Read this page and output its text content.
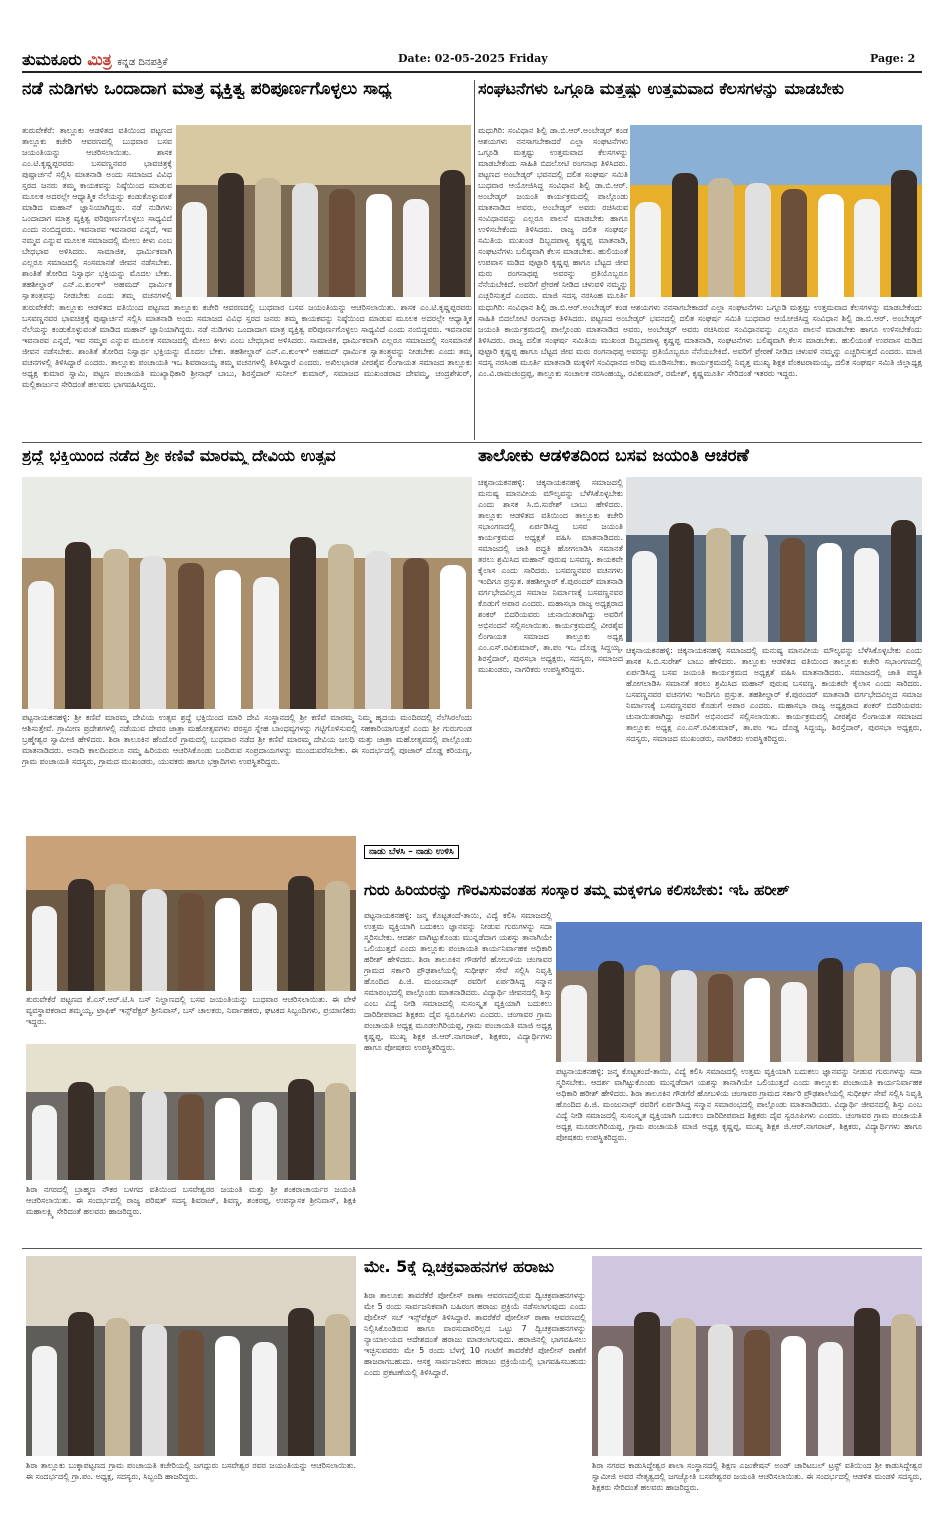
ತುಮಕೂರು ಮಿತ್ರ ಕನ್ನಡ ದಿನಪತ್ರಿಕೆ	Date: 02-05-2025 Friday	Page: 2
ನಡೆ ನುಡಿಗಳು ಒಂದಾದಾಗ ಮಾತ್ರ ವ್ಯಕ್ತಿತ್ವ ಪರಿಪೂರ್ಣಗೊಳ್ಳಲು ಸಾಧ್ಯ
ತುರುವೇಕೆರೆ: ತಾಲ್ಲೂಕು ಆಡಳಿತದ ವತಿಯಿಂದ ಪಟ್ಟಣದ ತಾಲ್ಲೂಕು ಕಚೇರಿ ಆವರಣದಲ್ಲಿ ಬುಧವಾರ ಬಸವ ಜಯಂತಿಯನ್ನು ಆಚರಿಸಲಾಯಿತು. ಶಾಸಕ ಎಂ.ಟಿ.ಕೃಷ್ಣಪ್ಪರವರು ಬಸವಣ್ಣನವರ ಭಾವಚಿತ್ರಕ್ಕೆ ಪುಷ್ಪಾರ್ಚನೆ ಸಲ್ಲಿಸಿ ಮಾತನಾಡಿ ಅಂದು ಸಮಾಜದ ವಿವಿಧ ಸ್ತರದ ಜನರು ತಮ್ಮ ಕಾಯಕವನ್ನು ನಿಷ್ಠೆಯಿಂದ ಮಾಡುವ ಮೂಲಕ ಅದರಲ್ಲೇ ಆಧ್ಯಾತ್ಮಿಕ ನೆಲೆಯನ್ನು ಕಂಡುಕೊಳ್ಳುವಂತೆ ಮಾಡಿದ ಮಹಾನ್ ಜ್ಞಾನಿಯಾಗಿದ್ದರು. ನಡೆ ನುಡಿಗಳು ಒಂದಾದಾಗ ಮಾತ್ರ ವ್ಯಕ್ತಿತ್ವ ಪರಿಪೂರ್ಣಗೊಳ್ಳಲು ಸಾಧ್ಯವಿದೆ ಎಂದು ನಂಬಿದ್ದವರು. ಇವನಾರವ ಇವನಾರವ ಎನ್ನದೆ, ಇವ ನಮ್ಮವ ಎನ್ನುವ ಮೂಲಕ ಸಮಾಜದಲ್ಲಿ ಮೇಲು ಕೀಳು ಎಂಬ ಬೇಧಭಾವ ಅಳಿಸಿದರು. ಸಾಮಾಜಿಕ, ಧಾರ್ಮಿಕವಾಗಿ ಎಲ್ಲರೂ ಸಮಾಜದಲ್ಲಿ ಸಂಸಮಾನತೆ ಜೀವನ ನಡೆಸಬೇಕು. ಶಾಂತಿತೆ ತೋರಿದ ನಿಸ್ವಾರ್ಥ ಭಕ್ತಿಯನ್ನು ಮೊದಲ ಬೇಕು. ತಹಶೀಲ್ದಾರ್ ಎನ್.ಎ.ಕುಂಞಿ ಅಹಮದ್ ಧಾರ್ಮಿಕ ಸ್ವಾತಂತ್ರ್ಯವನ್ನು ನೀಡಬೇಕು ಎಂದು ತಮ್ಮ ವಚನಗಳಲ್ಲಿ
ತುರುವೇಕೆರೆ: ತಾಲ್ಲೂಕು ಆಡಳಿತದ ವತಿಯಿಂದ ಪಟ್ಟಣದ ತಾಲ್ಲೂಕು ಕಚೇರಿ ಆವರಣದಲ್ಲಿ ಬುಧವಾರ ಬಸವ ಜಯಂತಿಯನ್ನು ಆಚರಿಸಲಾಯಿತು. ಶಾಸಕ ಎಂ.ಟಿ.ಕೃಷ್ಣಪ್ಪರವರು ಬಸವಣ್ಣನವರ ಭಾವಚಿತ್ರಕ್ಕೆ ಪುಷ್ಪಾರ್ಚನೆ ಸಲ್ಲಿಸಿ ಮಾತನಾಡಿ ಅಂದು ಸಮಾಜದ ವಿವಿಧ ಸ್ತರದ ಜನರು ತಮ್ಮ ಕಾಯಕವನ್ನು ನಿಷ್ಠೆಯಿಂದ ಮಾಡುವ ಮೂಲಕ ಅದರಲ್ಲೇ ಆಧ್ಯಾತ್ಮಿಕ ನೆಲೆಯನ್ನು ಕಂಡುಕೊಳ್ಳುವಂತೆ ಮಾಡಿದ ಮಹಾನ್ ಜ್ಞಾನಿಯಾಗಿದ್ದರು. ನಡೆ ನುಡಿಗಳು ಒಂದಾದಾಗ ಮಾತ್ರ ವ್ಯಕ್ತಿತ್ವ ಪರಿಪೂರ್ಣಗೊಳ್ಳಲು ಸಾಧ್ಯವಿದೆ ಎಂದು ನಂಬಿದ್ದವರು. ಇವನಾರವ ಇವನಾರವ ಎನ್ನದೆ, ಇವ ನಮ್ಮವ ಎನ್ನುವ ಮೂಲಕ ಸಮಾಜದಲ್ಲಿ ಮೇಲು ಕೀಳು ಎಂಬ ಬೇಧಭಾವ ಅಳಿಸಿದರು. ಸಾಮಾಜಿಕ, ಧಾರ್ಮಿಕವಾಗಿ ಎಲ್ಲರೂ ಸಮಾಜದಲ್ಲಿ ಸಂಸಮಾನತೆ ಜೀವನ ನಡೆಸಬೇಕು. ಶಾಂತಿತೆ ತೋರಿದ ನಿಸ್ವಾರ್ಥ ಭಕ್ತಿಯನ್ನು ಮೊದಲ ಬೇಕು. ತಹಶೀಲ್ದಾರ್ ಎನ್.ಎ.ಕುಂಞಿ ಅಹಮದ್ ಧಾರ್ಮಿಕ ಸ್ವಾತಂತ್ರ್ಯವನ್ನು ನೀಡಬೇಕು ಎಂದು ತಮ್ಮ ವಚನಗಳಲ್ಲಿ ತಿಳಿಸಿದ್ದಾರೆ ಎಂದರು. ತಾಲ್ಲೂಕು ಪಂಚಾಯತಿ ಇಒ ಶಿವರಾಜಯ್ಯ ತಮ್ಮ ವಚನಗಳಲ್ಲಿ ತಿಳಿಸಿದ್ದಾರೆ ಎಂದರು. ಅಖಿಲಭಾರತ ವೀರಶೈವ ಲಿಂಗಾಯತ ಸಮಾಜದ ತಾಲ್ಲೂಕು ಅಧ್ಯಕ್ಷ ಕುಮಾರ ಸ್ವಾಮಿ, ಪಟ್ಟಣ ಪಂಚಾಯತಿ ಮುಖ್ಯಾಧಿಕಾರಿ ಶ್ರೀನಾಥ್ ಬಾಬು, ಶಿರಸ್ತೆದಾರ್ ಸುನೀಲ್ ಕುಮಾರ್, ಸಮಾಜದ ಮುಖಂಡರಾದ ದೇವಮ್ಮ, ಚಂದ್ರಶೇಖರ್, ಮಲ್ಲಿಕಾರ್ಜುನ ಸೇರಿದಂತೆ ಹಲವರು ಭಾಗವಹಿಸಿದ್ದರು.
ಸಂಘಟನೆಗಳು ಒಗ್ಗೂಡಿ ಮತ್ತಷ್ಟು ಉತ್ತಮವಾದ ಕೆಲಸಗಳನ್ನು ಮಾಡಬೇಕು
ಮಧುಗಿರಿ: ಸಂವಿಧಾನ ಶಿಲ್ಪಿ ಡಾ.ಬಿ.ಆರ್.ಅಂಬೇಡ್ಕರ್ ಕಂಡ ಆಶಯಗಳು ನನಸಾಗಬೇಕಾದರೆ ಎಲ್ಲಾ ಸಂಘಟನೆಗಳು ಒಗ್ಗೂಡಿ ಮತ್ತಷ್ಟು ಉತ್ತಮವಾದ ಕೆಲಸಗಳನ್ನು ಮಾಡಬೇಕೆಂದು ಸಾಹಿತಿ ಬಿದಲೋಟಿ ರಂಗನಾಥ ತಿಳಿಸಿದರು. ಪಟ್ಟಣದ ಅಂಬೇಡ್ಕರ್ ಭವನದಲ್ಲಿ ದಲಿತ ಸಂಘರ್ಷ ಸಮಿತಿ ಬುಧವಾರ ಆಯೋಜಿಸಿದ್ದ ಸಂವಿಧಾನ ಶಿಲ್ಪಿ ಡಾ.ಬಿ.ಆರ್. ಅಂಬೇಡ್ಕರ್ ಜಯಂತಿ ಕಾರ್ಯಕ್ರಮದಲ್ಲಿ ಪಾಲ್ಗೊಂಡು ಮಾತನಾಡಿದ ಅವರು, ಅಂಬೇಡ್ಕರ್ ಅವರು ರಚಿಸಿರುವ ಸಂವಿಧಾನವನ್ನು ಎಲ್ಲರೂ ಪಾಲನೆ ಮಾಡಬೇಕು ಹಾಗೂ ಉಳಿಸಬೇಕೆಂದು ತಿಳಿಸಿದರು. ರಾಜ್ಯ ದಲಿತ ಸಂಘರ್ಷ ಸಮಿತಿಯ ಮುಖಂಡ ದಿಬ್ಬದಪಾಳ್ಯ ಕೃಷ್ಣಪ್ಪ ಮಾತನಾಡಿ, ಸಂಘಟನೆಗಳು ಬಲಿಷ್ಠವಾಗಿ ಕೆಲಸ ಮಾಡಬೇಕು. ಹುಲಿಯಂತೆ ಉಪವಾಸ ಮಡಿದ ಪುಟ್ಟಾರಿ ಕೃಷ್ಣಪ್ಪ ಹಾಗೂ ಬೆಟ್ಟದ ಜೀವ ಮರು ರಂಗನಾಥಪ್ಪ ಅವರನ್ನು ಪ್ರತಿಯೊಬ್ಬರೂ ನೆನೆಯಬೇಕಿದೆ. ಅವರಿಗೆ ಪ್ರೇರಣೆ ನೀಡಿದ ಚಳುವಳಿ ನಮ್ಮನ್ನು ಎಚ್ಚರಿಸುತ್ತದೆ ಎಂದರು. ಮಾಜಿ ಸದಸ್ಯ ನರಸಿಂಹ ಮೂರ್ತಿ
ಮಧುಗಿರಿ: ಸಂವಿಧಾನ ಶಿಲ್ಪಿ ಡಾ.ಬಿ.ಆರ್.ಅಂಬೇಡ್ಕರ್ ಕಂಡ ಆಶಯಗಳು ನನಸಾಗಬೇಕಾದರೆ ಎಲ್ಲಾ ಸಂಘಟನೆಗಳು ಒಗ್ಗೂಡಿ ಮತ್ತಷ್ಟು ಉತ್ತಮವಾದ ಕೆಲಸಗಳನ್ನು ಮಾಡಬೇಕೆಂದು ಸಾಹಿತಿ ಬಿದಲೋಟಿ ರಂಗನಾಥ ತಿಳಿಸಿದರು. ಪಟ್ಟಣದ ಅಂಬೇಡ್ಕರ್ ಭವನದಲ್ಲಿ ದಲಿತ ಸಂಘರ್ಷ ಸಮಿತಿ ಬುಧವಾರ ಆಯೋಜಿಸಿದ್ದ ಸಂವಿಧಾನ ಶಿಲ್ಪಿ ಡಾ.ಬಿ.ಆರ್. ಅಂಬೇಡ್ಕರ್ ಜಯಂತಿ ಕಾರ್ಯಕ್ರಮದಲ್ಲಿ ಪಾಲ್ಗೊಂಡು ಮಾತನಾಡಿದ ಅವರು, ಅಂಬೇಡ್ಕರ್ ಅವರು ರಚಿಸಿರುವ ಸಂವಿಧಾನವನ್ನು ಎಲ್ಲರೂ ಪಾಲನೆ ಮಾಡಬೇಕು ಹಾಗೂ ಉಳಿಸಬೇಕೆಂದು ತಿಳಿಸಿದರು. ರಾಜ್ಯ ದಲಿತ ಸಂಘರ್ಷ ಸಮಿತಿಯ ಮುಖಂಡ ದಿಬ್ಬದಪಾಳ್ಯ ಕೃಷ್ಣಪ್ಪ ಮಾತನಾಡಿ, ಸಂಘಟನೆಗಳು ಬಲಿಷ್ಠವಾಗಿ ಕೆಲಸ ಮಾಡಬೇಕು. ಹುಲಿಯಂತೆ ಉಪವಾಸ ಮಡಿದ ಪುಟ್ಟಾರಿ ಕೃಷ್ಣಪ್ಪ ಹಾಗೂ ಬೆಟ್ಟದ ಜೀವ ಮರು ರಂಗನಾಥಪ್ಪ ಅವರನ್ನು ಪ್ರತಿಯೊಬ್ಬರೂ ನೆನೆಯಬೇಕಿದೆ. ಅವರಿಗೆ ಪ್ರೇರಣೆ ನೀಡಿದ ಚಳುವಳಿ ನಮ್ಮನ್ನು ಎಚ್ಚರಿಸುತ್ತದೆ ಎಂದರು. ಮಾಜಿ ಸದಸ್ಯ ನರಸಿಂಹ ಮೂರ್ತಿ ಮಾತನಾಡಿ ಮಕ್ಕಳಿಗೆ ಸಂವಿಧಾನದ ಅರಿವು ಮೂಡಿಸಬೇಕು. ಕಾರ್ಯಕ್ರಮದಲ್ಲಿ ನಿವೃತ್ತ ಮುಖ್ಯ ಶಿಕ್ಷಕ ವೆಂಕಟರಾಮಯ್ಯ, ದಲಿತ ಸಂಘರ್ಷ ಸಮಿತಿ ಜಿಲ್ಲಾಧ್ಯಕ್ಷ ಎಂ.ವಿ.ರಾಮಚಂದ್ರಪ್ಪ, ತಾಲ್ಲೂಕು ಸಂಚಾಲಕ ನರಸಿಂಹಯ್ಯ, ರವಿಕುಮಾರ್, ರಮೇಶ್, ಕೃಷ್ಣಮೂರ್ತಿ ಸೇರಿದಂತೆ ಇತರರು ಇದ್ದರು.
ಶ್ರದ್ದೆ ಭಕ್ತಿಯಿಂದ ನಡೆದ ಶ್ರೀ ಕಣಿವೆ ಮಾರಮ್ಮ ದೇವಿಯ ಉತ್ಸವ
ಪಟ್ಟನಾಯಕನಹಳ್ಳಿ: ಶ್ರೀ ಕಣಿವೆ ಮಾರಮ್ಮ ದೇವಿಯ ಉತ್ಸವ ಶ್ರದ್ದೆ ಭಕ್ತಿಯಿಂದ ಮಾರಿ ದೇವಿ ಸಂಸ್ಥಾನದಲ್ಲಿ ಶ್ರೀ ಕಣಿವೆ ಮಾರಮ್ಮ ನಿಮ್ಮ ಹೃದಯ ಮಂದಿರದಲ್ಲಿ ನೆಲೆಸಿರಲೆಂದು ಆಶಿಸುತ್ತೇವೆ. ಗ್ರಾಮೀಣ ಪ್ರದೇಶಗಳಲ್ಲಿ ನಡೆಯುವ ದೇವರ ಜಾತ್ರಾ ಮಹೋತ್ಸವಗಳು ಪರಸ್ಪರ ಸ್ನೇಹ ಬಾಂಧವ್ಯಗಳನ್ನು ಗಟ್ಟಿಗೊಳಿಸುವಲ್ಲಿ ಸಹಕಾರಿಯಾಗುತ್ತವೆ ಎಂದು ಶ್ರೀ ಗುರುಗುಂಡ ಬ್ರಹ್ಮೇಶ್ವರ ಸ್ವಾಮೀಜಿ ಹೇಳಿದರು. ಶಿರಾ ತಾಲೂಕಿನ ಹೆಂದೊರೆ ಗ್ರಾಮದಲ್ಲಿ ಬುಧವಾರ ನಡೆದ ಶ್ರೀ ಕಣಿವೆ ಮಾರಮ್ಮ ದೇವಿಯ ಜಲಧಿ ಮತ್ತು ಜಾತ್ರಾ ಮಹೋತ್ಸವದಲ್ಲಿ ಪಾಲ್ಗೊಂಡು ಮಾತನಾಡಿದರು. ಅನಾದಿ ಕಾಲದಿಂದಲೂ ನಮ್ಮ ಹಿರಿಯರು ಆಚರಿಸಿಕೊಂಡು ಬಂದಿರುವ ಸಂಪ್ರದಾಯಗಳನ್ನು ಮುಂದುವರೆಸಬೇಕು. ಈ ಸಂದರ್ಭದಲ್ಲಿ ಪೂಜಾರ್ ದೊಡ್ಡ ಕರಿಯಣ್ಣ, ಗ್ರಾಮ ಪಂಚಾಯತಿ ಸದಸ್ಯರು, ಗ್ರಾಮದ ಮುಖಂಡರು, ಯುವಕರು ಹಾಗೂ ಭಕ್ತಾದಿಗಳು ಉಪಸ್ಥಿತರಿದ್ದರು.
ತಾಲೋಕು ಆಡಳಿತದಿಂದ ಬಸವ ಜಯಂತಿ ಆಚರಣೆ
ಚಿಕ್ಕನಾಯಕನಹಳ್ಳಿ: ಚಿಕ್ಕನಾಯಕನಹಳ್ಳಿ ಸಮಾಜದಲ್ಲಿ ಮನುಷ್ಯ ಮಾನವೀಯ ಮೌಲ್ಯವನ್ನು ಬೆಳೆಸಿಕೊಳ್ಳಬೇಕು ಎಂದು ಶಾಸಕ ಸಿ.ಬಿ.ಸುರೇಶ್ ಬಾಬು ಹೇಳಿದರು. ತಾಲ್ಲೂಕು ಆಡಳಿತದ ವತಿಯಿಂದ ತಾಲ್ಲೂಕು ಕಚೇರಿ ಸಭಾಂಗಣದಲ್ಲಿ ಏರ್ಪಡಿಸಿದ್ದ ಬಸವ ಜಯಂತಿ ಕಾರ್ಯಕ್ರಮದ ಅಧ್ಯಕ್ಷತೆ ವಹಿಸಿ ಮಾತನಾಡಿದರು. ಸಮಾಜದಲ್ಲಿ ಜಾತಿ ಪದ್ಧತಿ ಹೋಗಲಾಡಿಸಿ ಸಮಾನತೆ ತರಲು ಶ್ರಮಿಸಿದ ಮಹಾನ್ ಪುರುಷ ಬಸವಣ್ಣ. ಕಾಯಕವೇ ಕೈಲಾಸ ಎಂದು ಸಾರಿದರು. ಬಸವಣ್ಣನವರ ವಚನಗಳು ಇಂದಿಗೂ ಪ್ರಸ್ತುತ. ತಹಶೀಲ್ದಾರ್ ಕೆ.ಪುರಂದರ್ ಮಾತನಾಡಿ ವರ್ಗಭೇದವಿಲ್ಲದ ಸಮಾಜ ನಿರ್ಮಾಣಕ್ಕೆ ಬಸವಣ್ಣನವರ ಕೊಡುಗೆ ಅಪಾರ ಎಂದರು. ಮಹಾಸಭಾ ರಾಜ್ಯ ಅಧ್ಯಕ್ಷರಾದ ಶಂಕರ್ ಬಿದರಿಯವರು ಚುನಾಯಿತರಾಗಿದ್ದು ಅವರಿಗೆ ಅಭಿನಂದನೆ ಸಲ್ಲಿಸಲಾಯಿತು. ಕಾರ್ಯಕ್ರಮದಲ್ಲಿ ವೀರಶೈವ ಲಿಂಗಾಯತ ಸಮಾಜದ ತಾಲ್ಲೂಕು ಅಧ್ಯಕ್ಷ ಎಂ.ಎಸ್.ರವಿಕುಮಾರ್, ತಾ.ಪಂ ಇಒ ದೊಡ್ಡ ಸಿದ್ದಯ್ಯ, ಶಿರಸ್ತೆದಾರ್, ಪುರಸಭಾ ಅಧ್ಯಕ್ಷರು, ಸದಸ್ಯರು, ಸಮಾಜದ ಮುಖಂಡರು, ನಾಗರಿಕರು ಉಪಸ್ಥಿತರಿದ್ದರು.
ಚಿಕ್ಕನಾಯಕನಹಳ್ಳಿ: ಚಿಕ್ಕನಾಯಕನಹಳ್ಳಿ ಸಮಾಜದಲ್ಲಿ ಮನುಷ್ಯ ಮಾನವೀಯ ಮೌಲ್ಯವನ್ನು ಬೆಳೆಸಿಕೊಳ್ಳಬೇಕು ಎಂದು ಶಾಸಕ ಸಿ.ಬಿ.ಸುರೇಶ್ ಬಾಬು ಹೇಳಿದರು. ತಾಲ್ಲೂಕು ಆಡಳಿತದ ವತಿಯಿಂದ ತಾಲ್ಲೂಕು ಕಚೇರಿ ಸಭಾಂಗಣದಲ್ಲಿ ಏರ್ಪಡಿಸಿದ್ದ ಬಸವ ಜಯಂತಿ ಕಾರ್ಯಕ್ರಮದ ಅಧ್ಯಕ್ಷತೆ ವಹಿಸಿ ಮಾತನಾಡಿದರು. ಸಮಾಜದಲ್ಲಿ ಜಾತಿ ಪದ್ಧತಿ ಹೋಗಲಾಡಿಸಿ ಸಮಾನತೆ ತರಲು ಶ್ರಮಿಸಿದ ಮಹಾನ್ ಪುರುಷ ಬಸವಣ್ಣ. ಕಾಯಕವೇ ಕೈಲಾಸ ಎಂದು ಸಾರಿದರು. ಬಸವಣ್ಣನವರ ವಚನಗಳು ಇಂದಿಗೂ ಪ್ರಸ್ತುತ. ತಹಶೀಲ್ದಾರ್ ಕೆ.ಪುರಂದರ್ ಮಾತನಾಡಿ ವರ್ಗಭೇದವಿಲ್ಲದ ಸಮಾಜ ನಿರ್ಮಾಣಕ್ಕೆ ಬಸವಣ್ಣನವರ ಕೊಡುಗೆ ಅಪಾರ ಎಂದರು. ಮಹಾಸಭಾ ರಾಜ್ಯ ಅಧ್ಯಕ್ಷರಾದ ಶಂಕರ್ ಬಿದರಿಯವರು ಚುನಾಯಿತರಾಗಿದ್ದು ಅವರಿಗೆ ಅಭಿನಂದನೆ ಸಲ್ಲಿಸಲಾಯಿತು. ಕಾರ್ಯಕ್ರಮದಲ್ಲಿ ವೀರಶೈವ ಲಿಂಗಾಯತ ಸಮಾಜದ ತಾಲ್ಲೂಕು ಅಧ್ಯಕ್ಷ ಎಂ.ಎಸ್.ರವಿಕುಮಾರ್, ತಾ.ಪಂ ಇಒ ದೊಡ್ಡ ಸಿದ್ದಯ್ಯ, ಶಿರಸ್ತೆದಾರ್, ಪುರಸಭಾ ಅಧ್ಯಕ್ಷರು, ಸದಸ್ಯರು, ಸಮಾಜದ ಮುಖಂಡರು, ನಾಗರಿಕರು ಉಪಸ್ಥಿತರಿದ್ದರು.
ತುರುವೇಕೆರೆ ಪಟ್ಟಣದ ಕೆ.ಎಸ್.ಆರ್.ಟಿ.ಸಿ ಬಸ್ ನಿಲ್ದಾಣದಲ್ಲಿ ಬಸವ ಜಯಂತಿಯನ್ನು ಬುಧವಾರ ಆಚರಿಸಲಾಯಿತು. ಈ ವೇಳೆ ವ್ಯವಸ್ಥಾಪಕರಾದ ತಮ್ಮಯ್ಯ, ಟ್ರಾಫಿಕ್ ಇನ್ಸ್‌ಪೆಕ್ಟರ್ ಶ್ರೀನಿವಾಸ್, ಬಸ್ ಚಾಲಕರು, ನಿರ್ವಾಹಕರು, ಘಟಕದ ಸಿಬ್ಬಂದಿಗಳು, ಪ್ರಯಾಣಿಕರು ಇದ್ದರು.
ಶಿರಾ ನಗರದಲ್ಲಿ ಬ್ರಾಹ್ಮಣ ನೌಕರ ಬಳಗದ ವತಿಯಿಂದ ಬಸವೇಶ್ವರರ ಜಯಂತಿ ಮತ್ತು ಶ್ರೀ ಶಂಕರಾಚಾರ್ಯರ ಜಯಂತಿ ಆಚರಿಸಲಾಯಿತು. ಈ ಸಂದರ್ಭದಲ್ಲಿ ರಾಜ್ಯ ಪರಿಷತ್ ಸದಸ್ಯ ಶಿವರಾಜ್, ಶಿವಣ್ಣ, ಶಂಕರಪ್ಪ, ಉಪನ್ಯಾಸಕ ಶ್ರೀನಿವಾಸ್, ಶಿಕ್ಷಕಿ ಮಹಾಲಕ್ಷ್ಮಿ ಸೇರಿದಂತೆ ಹಲವರು ಹಾಜರಿದ್ದರು.
ನಾಡು ಬೆಳಸಿ – ನಾಡು ಉಳಿಸಿ
ಗುರು ಹಿರಿಯರನ್ನು ಗೌರವಿಸುವಂತಹ ಸಂಸ್ಕಾರ ತಮ್ಮ ಮಕ್ಕಳಿಗೂ ಕಲಿಸಬೇಕು: ಇಓ ಹರೀಶ್
ಪಟ್ಟನಾಯಕನಹಳ್ಳಿ: ಜನ್ಮ ಕೊಟ್ಟತಂದೆ-ತಾಯಿ, ವಿದ್ಯೆ ಕಲಿಸಿ ಸಮಾಜದಲ್ಲಿ ಉತ್ತಮ ವ್ಯಕ್ತಿಯಾಗಿ ಬದುಕಲು ಜ್ಞಾನವನ್ನು ನೀಡುವ ಗುರುಗಳನ್ನು ಸದಾ ಸ್ಮರಿಸಬೇಕು. ಆದರ್ಶ ವಾಗಿಟ್ಟುಕೊಂಡು ಮುನ್ನಡೆದಾಗ ಯಶಸ್ಸು ತಾನಾಗಿಯೇ ಒಲಿಯುತ್ತದೆ ಎಂದು ತಾಲ್ಲೂಕು ಪಂಚಾಯತಿ ಕಾರ್ಯನಿರ್ವಾಹಕ ಅಧಿಕಾರಿ ಹರೀಶ್ ಹೇಳಿದರು. ಶಿರಾ ತಾಲೂಕಿನ ಗೌಡಗೆರೆ ಹೋಬಳಿಯ ಚಂಗಾವರ ಗ್ರಾಮದ ಸರ್ಕಾರಿ ಪ್ರೌಢಶಾಲೆಯಲ್ಲಿ ಸುಧೀರ್ಘ ಸೇವೆ ಸಲ್ಲಿಸಿ ನಿವೃತ್ತಿ ಹೊಂದಿದ ಪಿ.ಜಿ. ಮಂಜುನಾಥ್ ರವರಿಗೆ ಏರ್ಪಡಿಸಿದ್ದ ಸನ್ಮಾನ ಸಮಾರಂಭದಲ್ಲಿ ಪಾಲ್ಗೊಂಡು ಮಾತನಾಡಿದರು. ವಿದ್ಯಾರ್ಥಿ ಜೀವನದಲ್ಲಿ ಶಿಸ್ತು ಎಂಬ ವಿದ್ಯೆ ನೀಡಿ ಸಮಾಜದಲ್ಲಿ ಸುಸಂಸ್ಕೃತ ವ್ಯಕ್ತಿಯಾಗಿ ಬದುಕಲು ದಾರಿದೀಪವಾದ ಶಿಕ್ಷಕರು ದೈವ ಸ್ವರೂಪಿಗಳು ಎಂದರು. ಚಂಗಾವರ ಗ್ರಾಮ ಪಂಚಾಯತಿ ಅಧ್ಯಕ್ಷ ಮೂಡಲಗಿರಿಯಪ್ಪ, ಗ್ರಾಮ ಪಂಚಾಯತಿ ಮಾಜಿ ಅಧ್ಯಕ್ಷ ಕೃಷ್ಣಪ್ಪ, ಮುಖ್ಯ ಶಿಕ್ಷಕ ಜಿ.ಆರ್.ನಾಗರಾಜ್, ಶಿಕ್ಷಕರು, ವಿದ್ಯಾರ್ಥಿಗಳು ಹಾಗೂ ಪೋಷಕರು ಉಪಸ್ಥಿತರಿದ್ದರು.
ಪಟ್ಟನಾಯಕನಹಳ್ಳಿ: ಜನ್ಮ ಕೊಟ್ಟತಂದೆ-ತಾಯಿ, ವಿದ್ಯೆ ಕಲಿಸಿ ಸಮಾಜದಲ್ಲಿ ಉತ್ತಮ ವ್ಯಕ್ತಿಯಾಗಿ ಬದುಕಲು ಜ್ಞಾನವನ್ನು ನೀಡುವ ಗುರುಗಳನ್ನು ಸದಾ ಸ್ಮರಿಸಬೇಕು. ಆದರ್ಶ ವಾಗಿಟ್ಟುಕೊಂಡು ಮುನ್ನಡೆದಾಗ ಯಶಸ್ಸು ತಾನಾಗಿಯೇ ಒಲಿಯುತ್ತದೆ ಎಂದು ತಾಲ್ಲೂಕು ಪಂಚಾಯತಿ ಕಾರ್ಯನಿರ್ವಾಹಕ ಅಧಿಕಾರಿ ಹರೀಶ್ ಹೇಳಿದರು. ಶಿರಾ ತಾಲೂಕಿನ ಗೌಡಗೆರೆ ಹೋಬಳಿಯ ಚಂಗಾವರ ಗ್ರಾಮದ ಸರ್ಕಾರಿ ಪ್ರೌಢಶಾಲೆಯಲ್ಲಿ ಸುಧೀರ್ಘ ಸೇವೆ ಸಲ್ಲಿಸಿ ನಿವೃತ್ತಿ ಹೊಂದಿದ ಪಿ.ಜಿ. ಮಂಜುನಾಥ್ ರವರಿಗೆ ಏರ್ಪಡಿಸಿದ್ದ ಸನ್ಮಾನ ಸಮಾರಂಭದಲ್ಲಿ ಪಾಲ್ಗೊಂಡು ಮಾತನಾಡಿದರು. ವಿದ್ಯಾರ್ಥಿ ಜೀವನದಲ್ಲಿ ಶಿಸ್ತು ಎಂಬ ವಿದ್ಯೆ ನೀಡಿ ಸಮಾಜದಲ್ಲಿ ಸುಸಂಸ್ಕೃತ ವ್ಯಕ್ತಿಯಾಗಿ ಬದುಕಲು ದಾರಿದೀಪವಾದ ಶಿಕ್ಷಕರು ದೈವ ಸ್ವರೂಪಿಗಳು ಎಂದರು. ಚಂಗಾವರ ಗ್ರಾಮ ಪಂಚಾಯತಿ ಅಧ್ಯಕ್ಷ ಮೂಡಲಗಿರಿಯಪ್ಪ, ಗ್ರಾಮ ಪಂಚಾಯತಿ ಮಾಜಿ ಅಧ್ಯಕ್ಷ ಕೃಷ್ಣಪ್ಪ, ಮುಖ್ಯ ಶಿಕ್ಷಕ ಜಿ.ಆರ್.ನಾಗರಾಜ್, ಶಿಕ್ಷಕರು, ವಿದ್ಯಾರ್ಥಿಗಳು ಹಾಗೂ ಪೋಷಕರು ಉಪಸ್ಥಿತರಿದ್ದರು.
ಶಿರಾ ತಾಲ್ಲೂಕು ಬುಕ್ಕಾಪಟ್ಟಣದ ಗ್ರಾಮ ಪಂಚಾಯತಿ ಕಚೇರಿಯಲ್ಲಿ ಜಗದ್ಗುರು ಬಸವೇಶ್ವರ ರವರ ಜಯಂತಿಯನ್ನು ಆಚರಿಸಲಾಯಿತು. ಈ ಸಂದರ್ಭದಲ್ಲಿ ಗ್ರಾ.ಪಂ. ಅಧ್ಯಕ್ಷ, ಸದಸ್ಯರು, ಸಿಬ್ಬಂದಿ ಹಾಜರಿದ್ದರು.
ಮೇ. 5ಕ್ಕೆ ದ್ವಿಚಕ್ರವಾಹನಗಳ ಹರಾಜು
ಶಿರಾ ತಾಲೂಕು ತಾವರೆಕೆರೆ ಪೋಲೀಸ್ ಠಾಣಾ ಆವರಣದಲ್ಲಿರುವ ದ್ವಿಚಕ್ರವಾಹನಗಳನ್ನು ಮೇ 5 ರಂದು ಸಾರ್ವಜನಿಕವಾಗಿ ಬಹಿರಂಗ ಹರಾಜು ಪ್ರಕ್ರಿಯೆ ನಡೆಸಲಾಗುವುದು ಎಂದು ಪೊಲೀಸ್ ಸಬ್ ಇನ್ಸ್‌ಪೆಕ್ಟರ್ ತಿಳಿಸಿದ್ದಾರೆ. ತಾವರೆಕೆರೆ ಪೋಲೀಸ್ ಠಾಣಾ ಆವರಣದಲ್ಲಿ ನಿಲ್ಲಿಸಿಕೊಂಡಿರುವ ಹಾಗೂ ವಾರಸುದಾರರಿಲ್ಲದ ಒಟ್ಟು 7 ದ್ವಿಚಕ್ರವಾಹನಗಳನ್ನು ನ್ಯಾಯಾಲಯದ ಆದೇಶದಂತೆ ಹರಾಜು ಮಾಡಲಾಗುವುದು. ಹರಾಜಿನಲ್ಲಿ ಭಾಗವಹಿಸಲು ಇಚ್ಛಿಸುವವರು ಮೇ 5 ರಂದು ಬೆಳಗ್ಗೆ 10 ಗಂಟೆಗೆ ತಾವರೆಕೆರೆ ಪೋಲೀಸ್ ಠಾಣೆಗೆ ಹಾಜರಾಗಬಹುದು. ಆಸಕ್ತ ಸಾರ್ವಜನಿಕರು ಹರಾಜು ಪ್ರಕ್ರಿಯೆಯಲ್ಲಿ ಭಾಗವಹಿಸಬಹುದು ಎಂದು ಪ್ರಕಟಣೆಯಲ್ಲಿ ತಿಳಿಸಿದ್ದಾರೆ.
ಶಿರಾ ನಗರದ ಕಾಡುಸಿದ್ದೇಶ್ವರ ಶಾಲಾ ಸಂಸ್ಥಾನದಲ್ಲಿ ಶಿಕ್ಷಣ ಎಜುಕೇಷನ್ ಅಂಡ್ ಚಾರಿಟಬಲ್ ಟ್ರಸ್ಟ್ ವತಿಯಿಂದ ಶ್ರೀ ಕಾಡುಸಿದ್ದೇಶ್ವರ ಸ್ವಾಮೀಜಿ ಅವರ ನೇತೃತ್ವದಲ್ಲಿ ಜಗಜ್ಯೋತಿ ಬಸವೇಶ್ವರರ ಜಯಂತಿ ಆಚರಿಸಲಾಯಿತು. ಈ ಸಂದರ್ಭದಲ್ಲಿ ಆಡಳಿತ ಮಂಡಳಿ ಸದಸ್ಯರು, ಶಿಕ್ಷಕರು ಸೇರಿದಂತೆ ಹಲವರು ಹಾಜರಿದ್ದರು.
